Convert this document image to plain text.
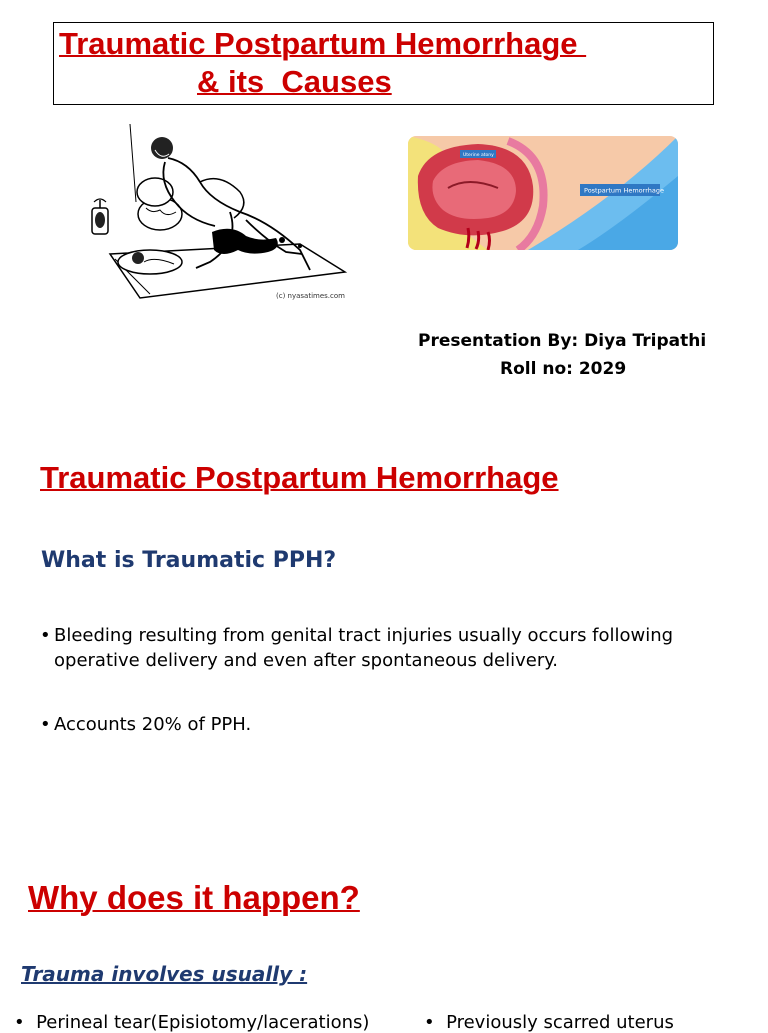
Traumatic Postpartum Hemorrhage
& its  Causes
(c) nyasatimes.com
Uterine atony
Postpartum Hemorrhage
Presentation By: Diya Tripathi
Roll no: 2029
Traumatic Postpartum Hemorrhage
What is Traumatic PPH?
• Bleeding resulting from genital tract injuries usually occurs following
operative delivery and even after spontaneous delivery.
• Accounts 20% of PPH.
Why does it happen?
Trauma involves usually :
•  Perineal tear(Episiotomy/lacerations)	•  Previously scarred uterus
